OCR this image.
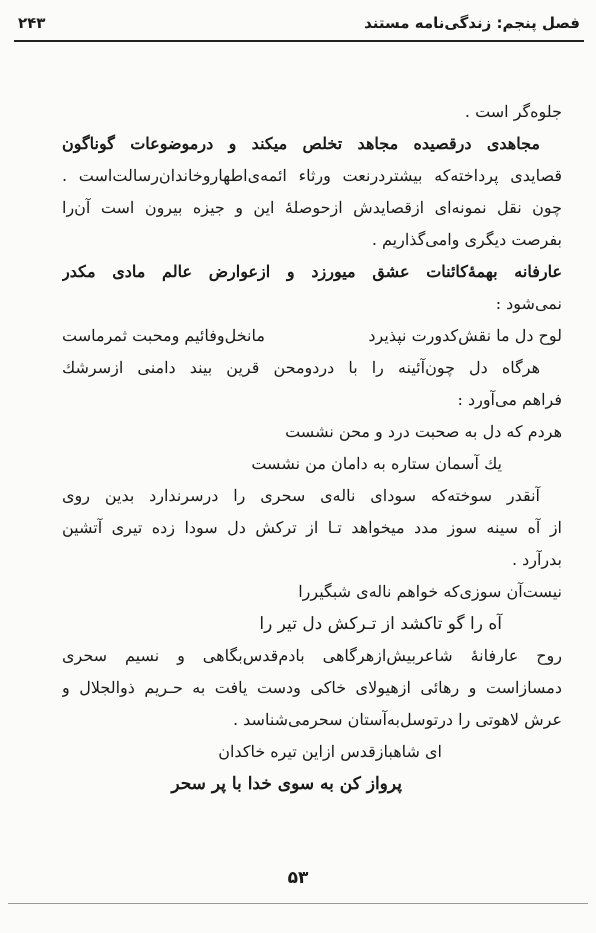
فصل پنجم: زندگی‌نامه مستند
۲۴۳
جلوه‌گر است .
مجاهدی درقصیده مجاهد تخلص میکند و درموضوعات گوناگون
قصایدی پرداخته‌که بیشتردرنعت ورثاء ائمه‌ی‌اطهاروخاندان‌رسالت‌است .
چون نقل نمونه‌ای ازقصایدش ازحوصلهٔ این و جیزه بیرون است آن‌را
بفرصت دیگری وامی‌گذاریم .
عارفانه بهمهٔ‌کائنات عشق میورزد و ازعوارض عالم مادی مکدر
نمی‌شود :
لوح دل ما نقش‌کدورت نپذیرد
مانخل‌وفائیم ومحبت ثمرماست
هرگاه دل چون‌آئینه را با دردومحن قرین بیند دامنی ازسرشك
فراهم می‌آورد :
هردم که دل به صحبت درد و محن نشست
یك آسمان ستاره به دامان من نشست
آنقدر سوخته‌که سودای ناله‌ی سحری را درسرندارد بدین روی
از آه سینه سوز مدد میخواهد تـا از ترکش دل سودا زده تیری آتشین
بدرآرد .
نیست‌آن سوزی‌که خواهم ناله‌ی شبگیررا
آه را گو تاکشد از تـرکش دل تیر را
روح عارفانهٔ شاعربیش‌ازهرگاهی بادم‌قدس‌بگاهی و نسیم سحری
دمسازاست و رهائی ازهیولای خاکی ودست یافت به حـریم ذوالجلال و
عرش لاهوتی را درتوسل‌به‌آستان سحرمی‌شناسد .
ای شاهبازقدس ازاین تیره خاکدان
پرواز کن به سوی خدا با پر سحر
۵۳
